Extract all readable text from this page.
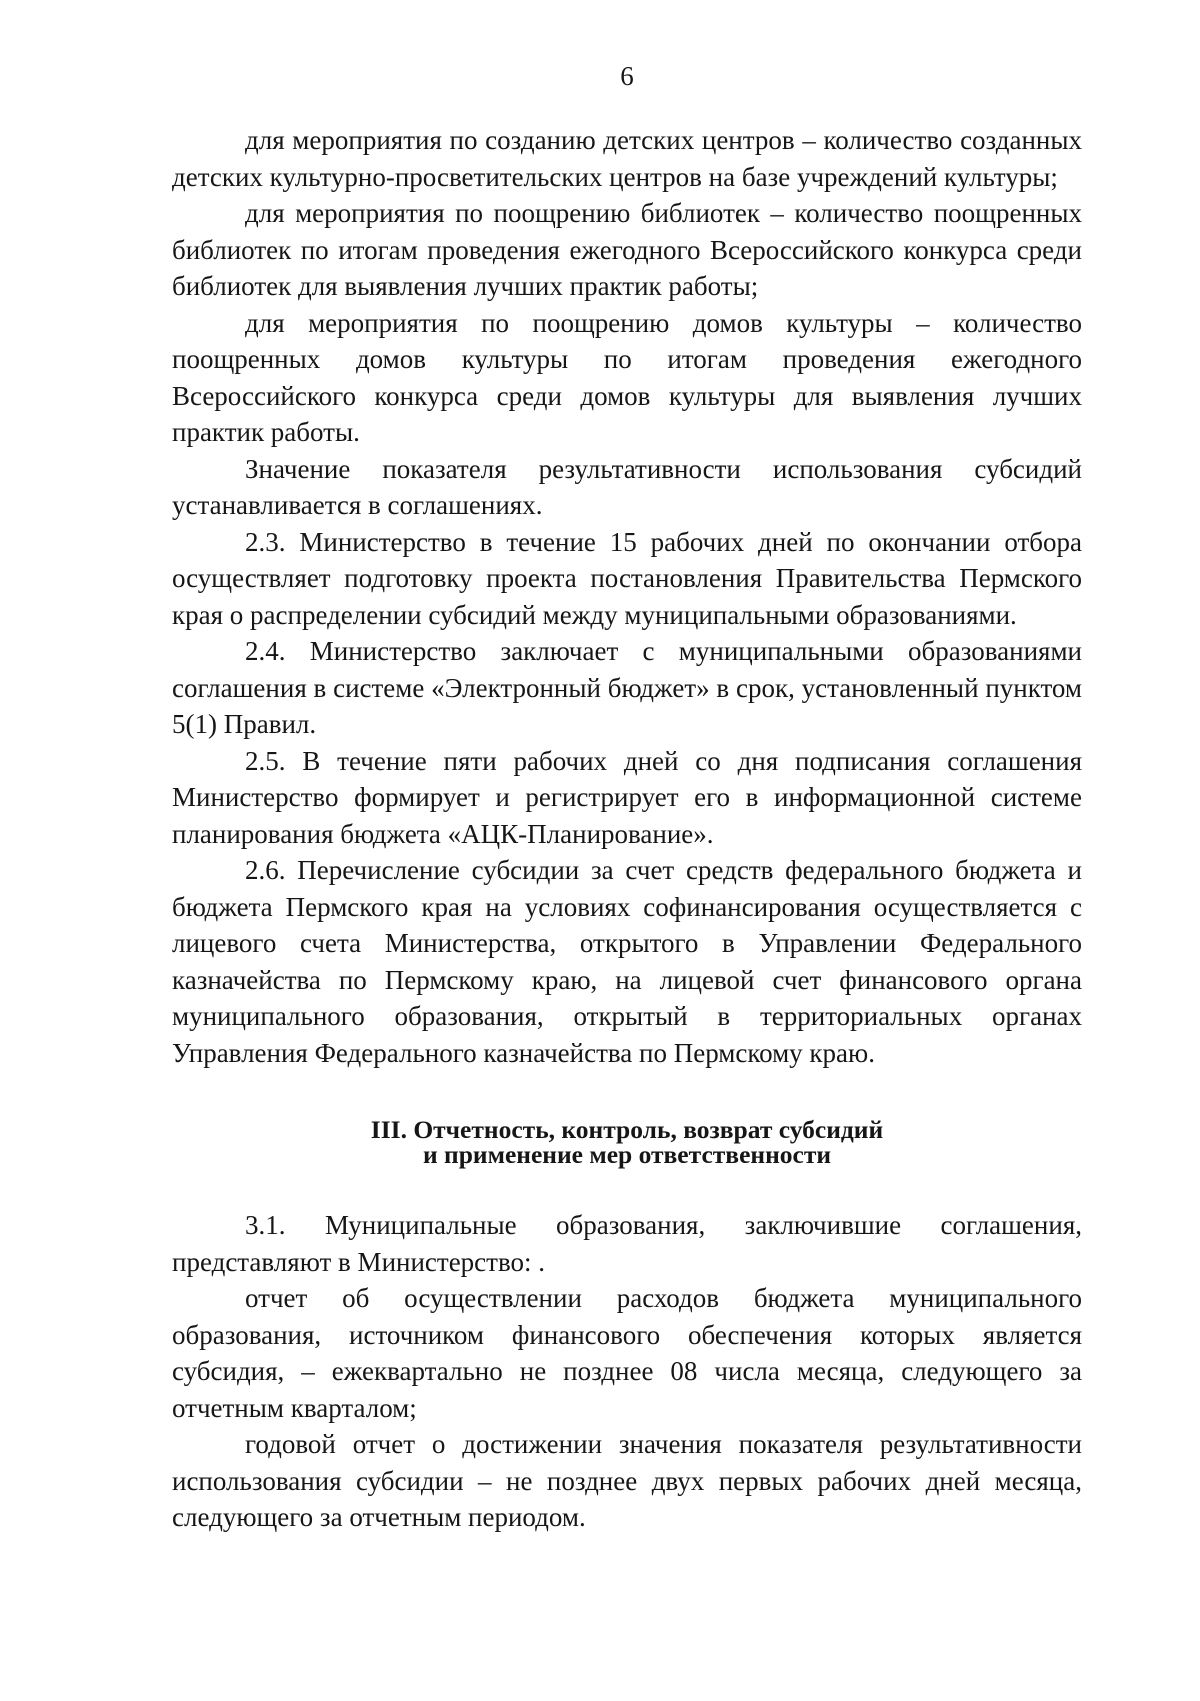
6

для мероприятия по созданию детских центров – количество созданных детских культурно-просветительских центров на базе учреждений культуры;

для мероприятия по поощрению библиотек – количество поощренных библиотек по итогам проведения ежегодного Всероссийского конкурса среди библиотек для выявления лучших практик работы;

для мероприятия по поощрению домов культуры – количество поощренных домов культуры по итогам проведения ежегодного Всероссийского конкурса среди домов культуры для выявления лучших практик работы.

Значение показателя результативности использования субсидий устанавливается в соглашениях.

2.3. Министерство в течение 15 рабочих дней по окончании отбора осуществляет подготовку проекта постановления Правительства Пермского края о распределении субсидий между муниципальными образованиями.

2.4. Министерство заключает с муниципальными образованиями соглашения в системе «Электронный бюджет» в срок, установленный пунктом 5(1) Правил.

2.5. В течение пяти рабочих дней со дня подписания соглашения Министерство формирует и регистрирует его в информационной системе планирования бюджета «АЦК-Планирование».

2.6. Перечисление субсидии за счет средств федерального бюджета и бюджета Пермского края на условиях софинансирования осуществляется с лицевого счета Министерства, открытого в Управлении Федерального казначейства по Пермскому краю, на лицевой счет финансового органа муниципального образования, открытый в территориальных органах Управления Федерального казначейства по Пермскому краю.

III. Отчетность, контроль, возврат субсидий
и применение мер ответственности

3.1. Муниципальные образования, заключившие соглашения, представляют в Министерство: .

отчет об осуществлении расходов бюджета муниципального образования, источником финансового обеспечения которых является субсидия, – ежеквартально не позднее 08 числа месяца, следующего за отчетным кварталом;

годовой отчет о достижении значения показателя результативности использования субсидии – не позднее двух первых рабочих дней месяца, следующего за отчетным периодом.
